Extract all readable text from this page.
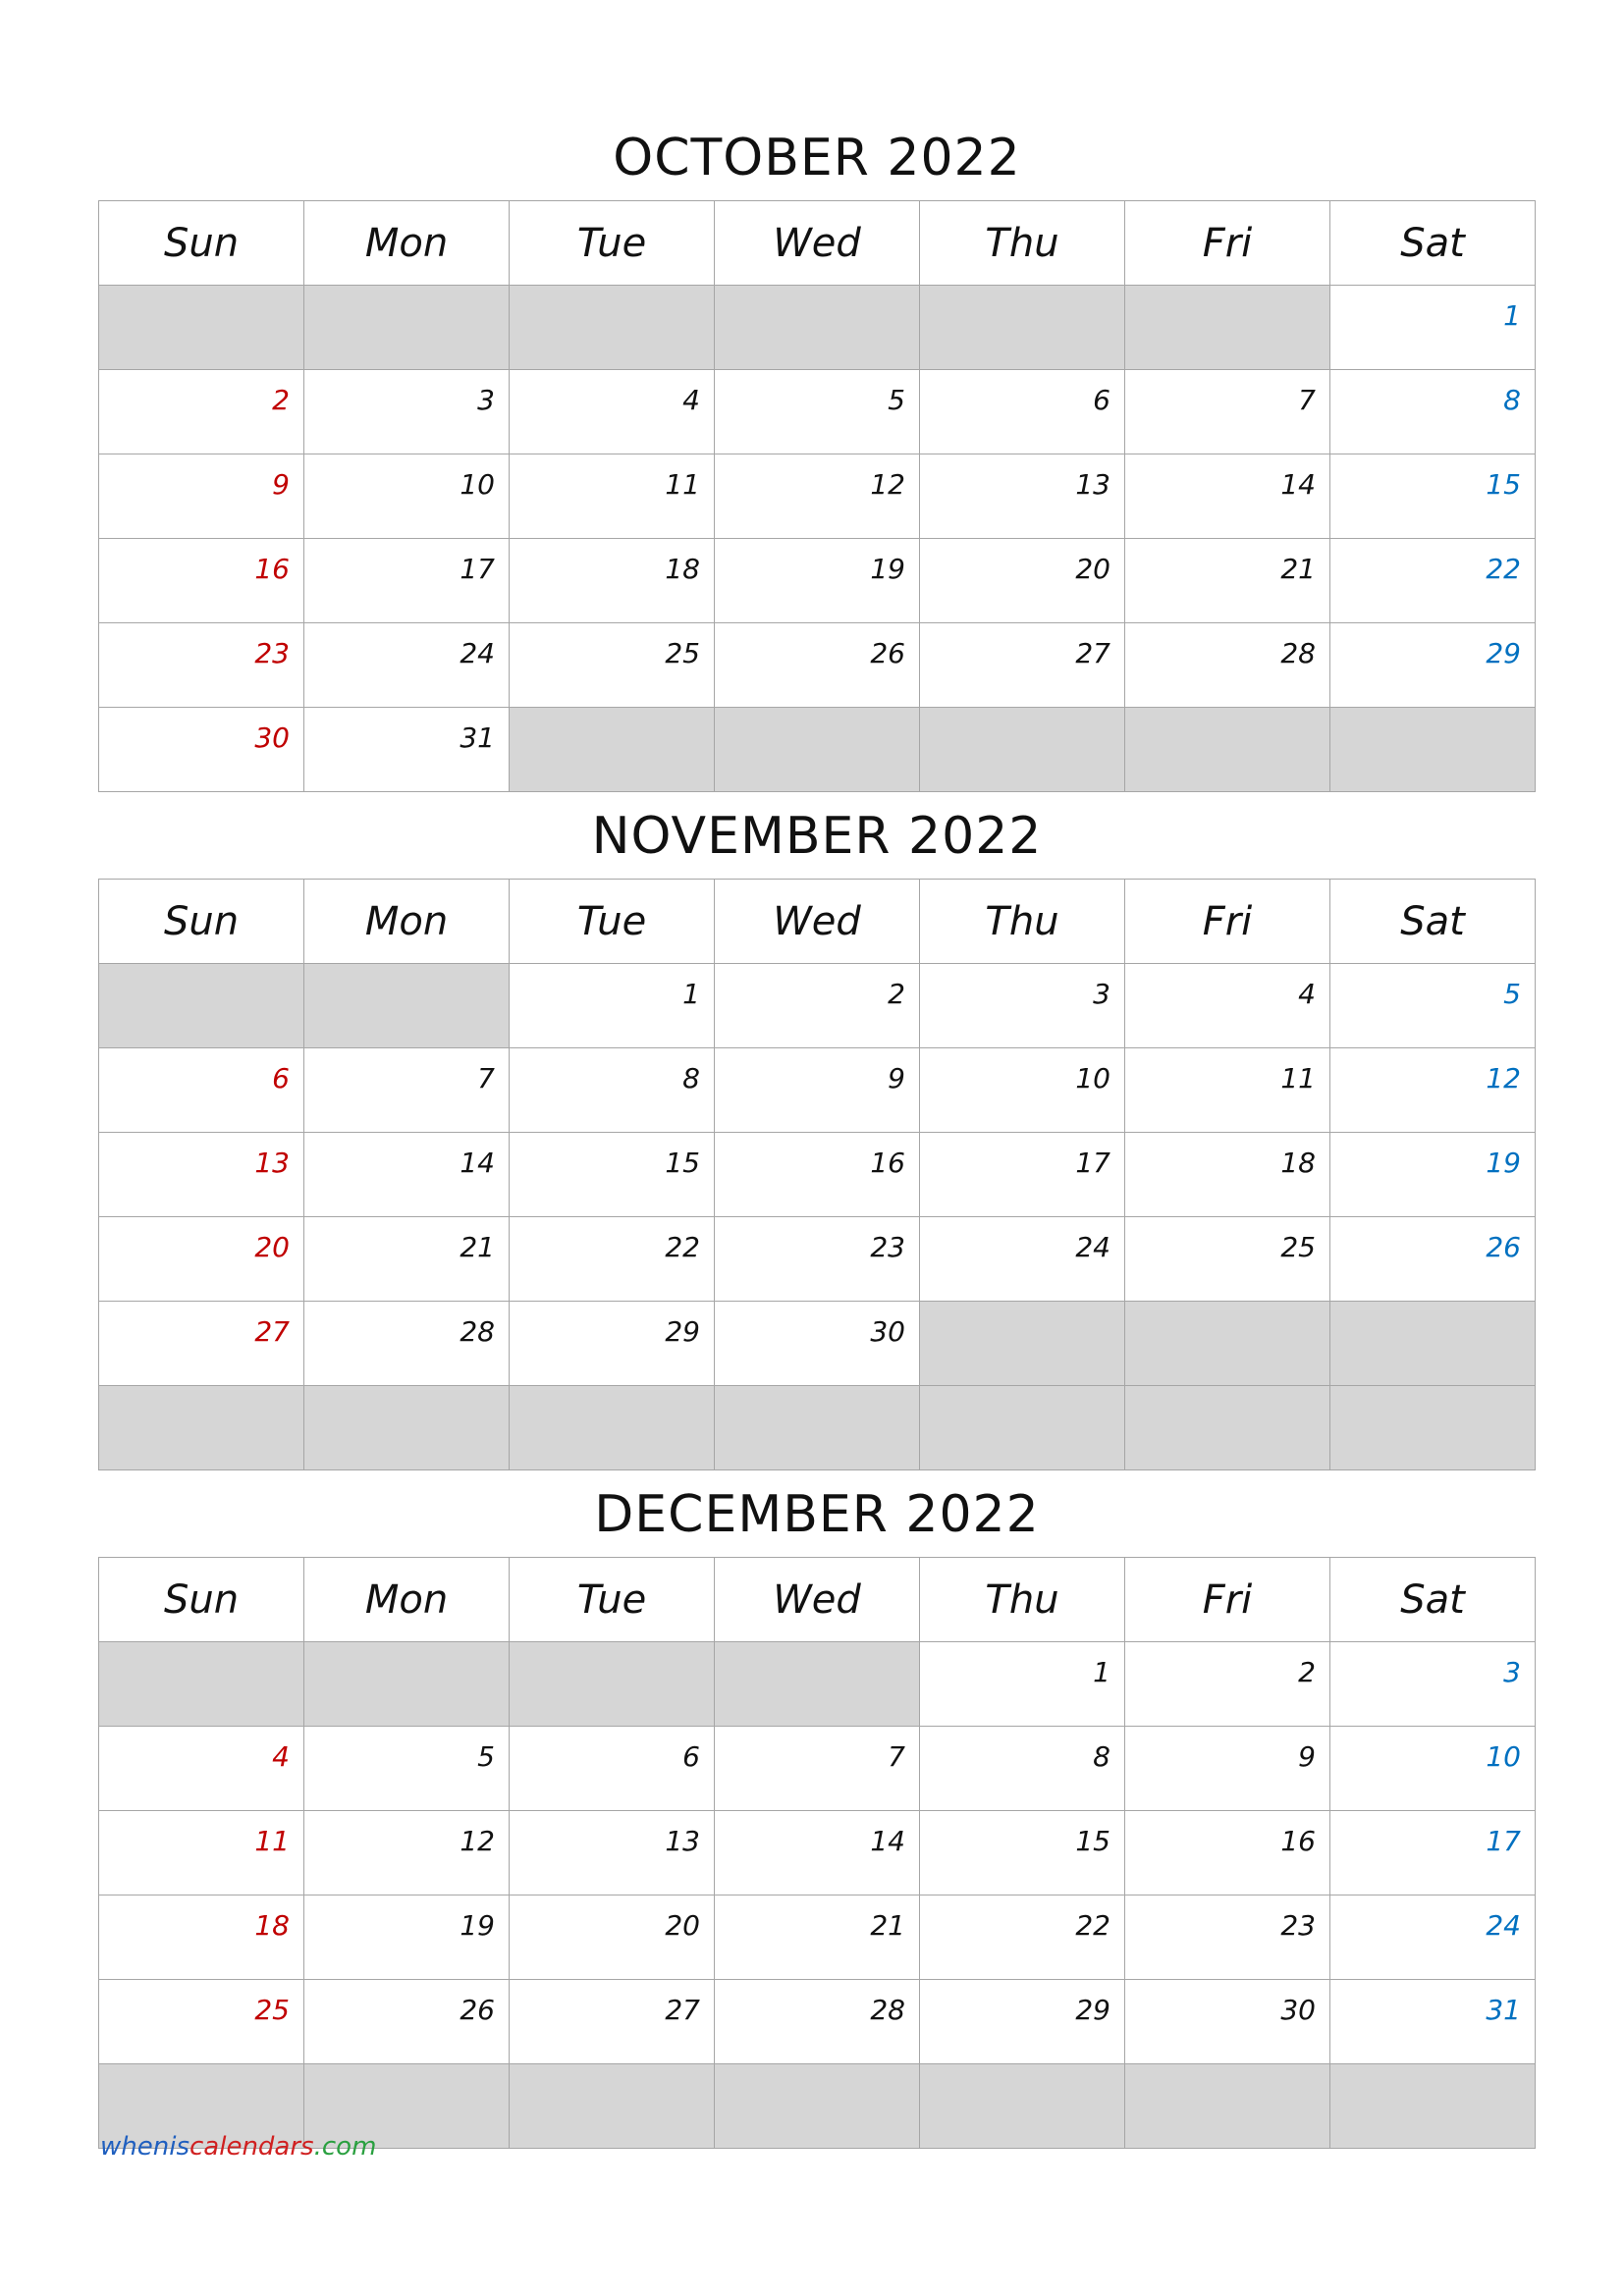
OCTOBER 2022
Sun	Mon	Tue	Wed	Thu	Fri	Sat
						1
2	3	4	5	6	7	8
9	10	11	12	13	14	15
16	17	18	19	20	21	22
23	24	25	26	27	28	29
30	31					
NOVEMBER 2022
Sun	Mon	Tue	Wed	Thu	Fri	Sat
		1	2	3	4	5
6	7	8	9	10	11	12
13	14	15	16	17	18	19
20	21	22	23	24	25	26
27	28	29	30			

DECEMBER 2022
Sun	Mon	Tue	Wed	Thu	Fri	Sat
				1	2	3
4	5	6	7	8	9	10
11	12	13	14	15	16	17
18	19	20	21	22	23	24
25	26	27	28	29	30	31

wheniscalendars.com
